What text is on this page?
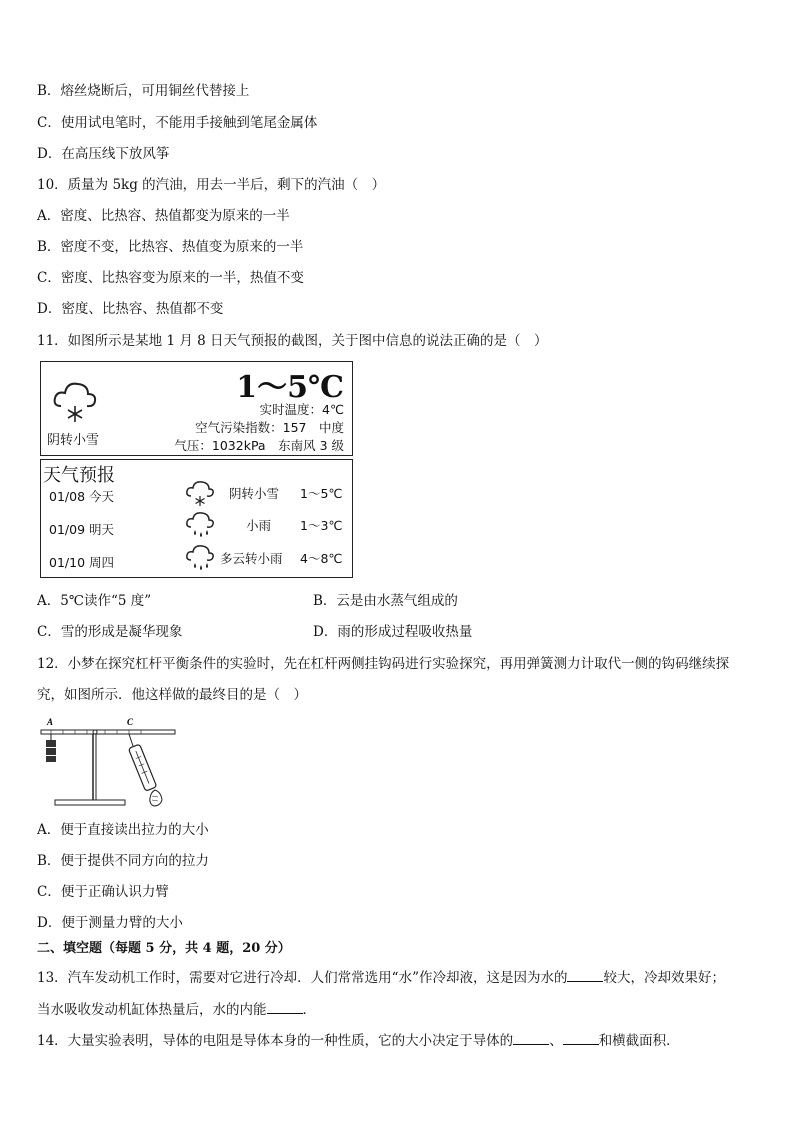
B．熔丝烧断后，可用铜丝代替接上
C．使用试电笔时，不能用手接触到笔尾金属体
D．在高压线下放风筝
10．质量为 5kg 的汽油，用去一半后，剩下的汽油（　）
A．密度、比热容、热值都变为原来的一半
B．密度不变，比热容、热值变为原来的一半
C．密度、比热容变为原来的一半，热值不变
D．密度、比热容、热值都不变
11．如图所示是某地 1 月 8 日天气预报的截图，关于图中信息的说法正确的是（　）
阴转小雪
1～5℃
实时温度：4℃
空气污染指数：157　中度
气压：1032kPa　东南风 3 级
天气预报
01/08 今天	阴转小雪 1～5℃
01/09 明天	小雨 1～3℃
01/10 周四	多云转小雨 4～8℃
A．5℃读作“5 度”	B．云是由水蒸气组成的
C．雪的形成是凝华现象	D．雨的形成过程吸收热量
12．小梦在探究杠杆平衡条件的实验时，先在杠杆两侧挂钩码进行实验探究，再用弹簧测力计取代一侧的钩码继续探
究，如图所示．他这样做的最终目的是（　）
A	C
A．便于直接读出拉力的大小
B．便于提供不同方向的拉力
C．便于正确认识力臂
D．便于测量力臂的大小
二、填空题（每题 5 分，共 4 题，20 分）
13．汽车发动机工作时，需要对它进行冷却．人们常常选用“水”作冷却液，这是因为水的	较大，冷却效果好；
当水吸收发动机缸体热量后，水的内能	．
14．大量实验表明，导体的电阻是导体本身的一种性质，它的大小决定于导体的	、	和横截面积．
